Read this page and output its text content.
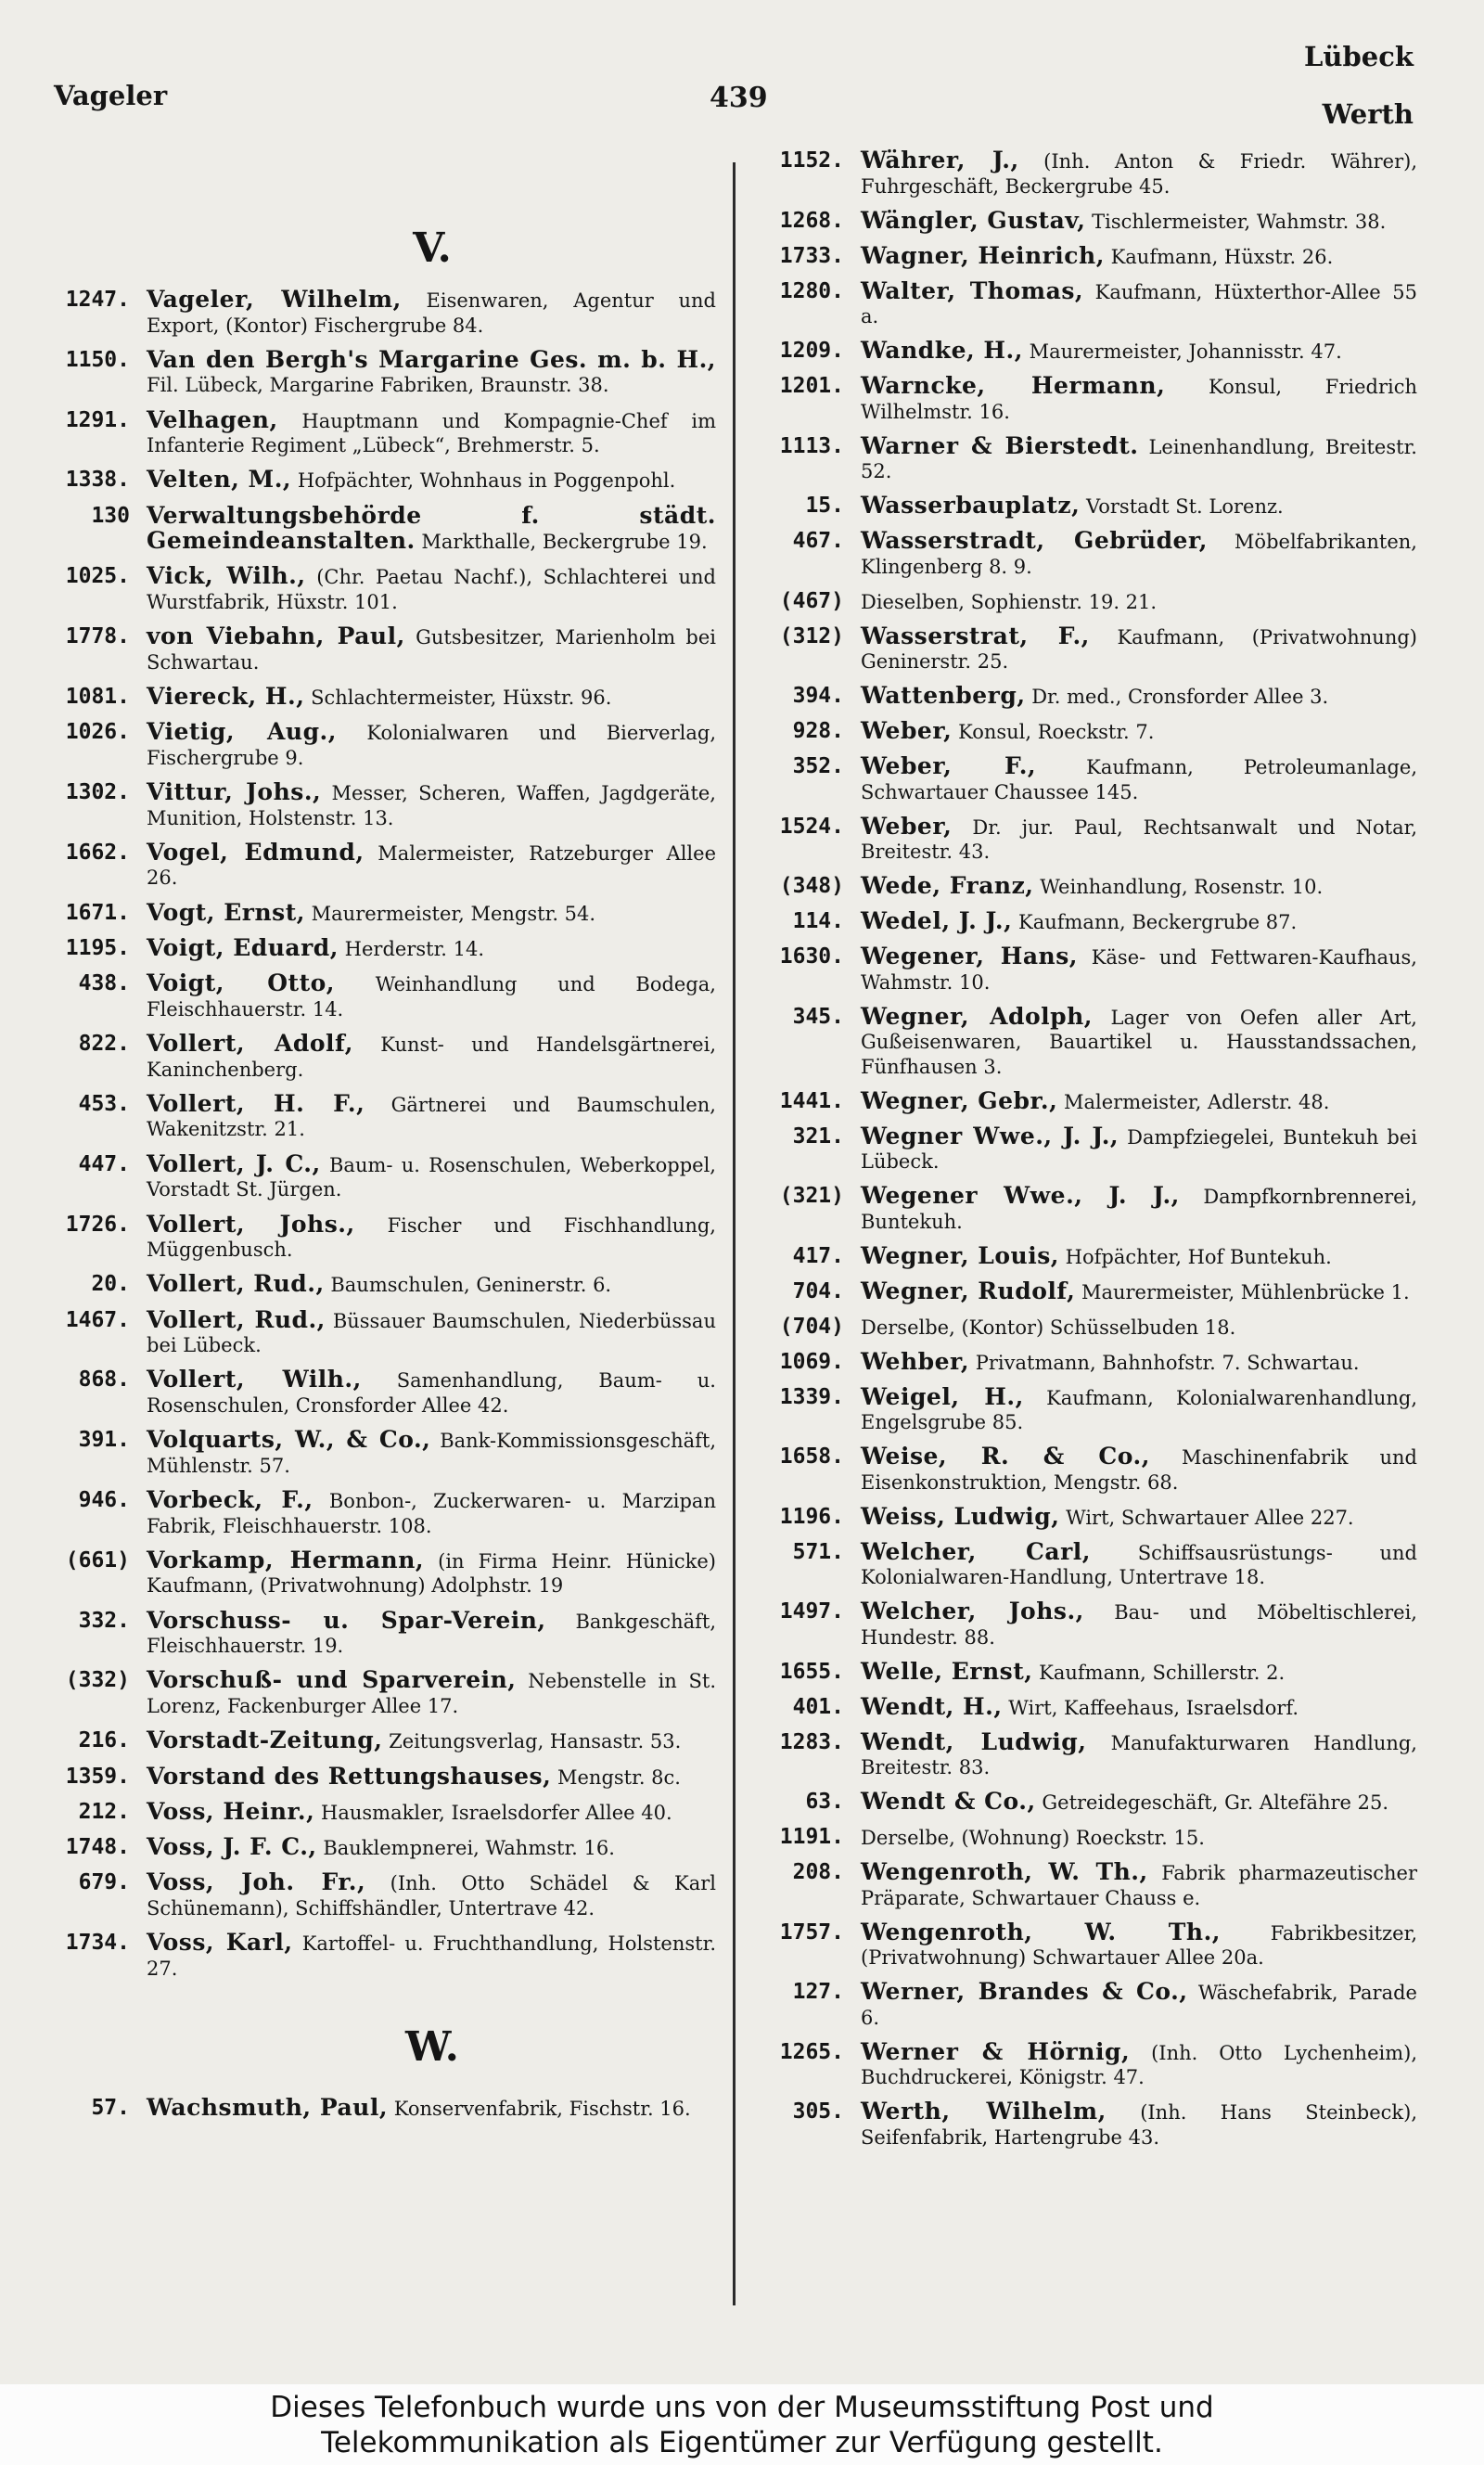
Vageler	439
Lübeck
Werth
V.
1247. Vageler, Wilhelm, Eisenwaren, Agentur und Export, (Kontor) Fischergrube 84.
1150. Van den Bergh's Margarine Ges. m. b. H., Fil. Lübeck, Margarine Fabriken, Braunstr. 38.
1291. Velhagen, Hauptmann und Kompagnie-Chef im Infanterie Regiment „Lübeck“, Brehmerstr. 5.
1338. Velten, M., Hofpächter, Wohnhaus in Poggenpohl.
130 Verwaltungsbehörde f. städt. Gemeindeanstalten. Markthalle, Beckergrube 19.
1025. Vick, Wilh., (Chr. Paetau Nachf.), Schlachterei und Wurstfabrik, Hüxstr. 101.
1778. von Viebahn, Paul, Gutsbesitzer, Marienholm bei Schwartau.
1081. Viereck, H., Schlachtermeister, Hüxstr. 96.
1026. Vietig, Aug., Kolonialwaren und Bierverlag, Fischergrube 9.
1302. Vittur, Johs., Messer, Scheren, Waffen, Jagdgeräte, Munition, Holstenstr. 13.
1662. Vogel, Edmund, Malermeister, Ratzeburger Allee 26.
1671. Vogt, Ernst, Maurermeister, Mengstr. 54.
1195. Voigt, Eduard, Herderstr. 14.
438. Voigt, Otto, Weinhandlung und Bodega, Fleischhauerstr. 14.
822. Vollert, Adolf, Kunst- und Handelsgärtnerei, Kaninchenberg.
453. Vollert, H. F., Gärtnerei und Baumschulen, Wakenitzstr. 21.
447. Vollert, J. C., Baum- u. Rosenschulen, Weberkoppel, Vorstadt St. Jürgen.
1726. Vollert, Johs., Fischer und Fischhandlung, Müggenbusch.
20. Vollert, Rud., Baumschulen, Geninerstr. 6.
1467. Vollert, Rud., Büssauer Baumschulen, Niederbüssau bei Lübeck.
868. Vollert, Wilh., Samenhandlung, Baum- u. Rosenschulen, Cronsforder Allee 42.
391. Volquarts, W., & Co., Bank-Kommissionsgeschäft, Mühlenstr. 57.
946. Vorbeck, F., Bonbon-, Zuckerwaren- u. Marzipan Fabrik, Fleischhauerstr. 108.
(661) Vorkamp, Hermann, (in Firma Heinr. Hünicke) Kaufmann, (Privatwohnung) Adolphstr. 19
332. Vorschuss- u. Spar-Verein, Bankgeschäft, Fleischhauerstr. 19.
(332) Vorschuß- und Sparverein, Nebenstelle in St. Lorenz, Fackenburger Allee 17.
216. Vorstadt-Zeitung, Zeitungsverlag, Hansastr. 53.
1359. Vorstand des Rettungshauses, Mengstr. 8c.
212. Voss, Heinr., Hausmakler, Israelsdorfer Allee 40.
1748. Voss, J. F. C., Bauklempnerei, Wahmstr. 16.
679. Voss, Joh. Fr., (Inh. Otto Schädel & Karl Schünemann), Schiffshändler, Untertrave 42.
1734. Voss, Karl, Kartoffel- u. Fruchthandlung, Holstenstr. 27.
W.
57. Wachsmuth, Paul, Konservenfabrik, Fischstr. 16.
1152. Währer, J., (Inh. Anton & Friedr. Währer), Fuhrgeschäft, Beckergrube 45.
1268. Wängler, Gustav, Tischlermeister, Wahmstr. 38.
1733. Wagner, Heinrich, Kaufmann, Hüxstr. 26.
1280. Walter, Thomas, Kaufmann, Hüxterthor-Allee 55 a.
1209. Wandke, H., Maurermeister, Johannisstr. 47.
1201. Warncke, Hermann, Konsul, Friedrich Wilhelmstr. 16.
1113. Warner & Bierstedt. Leinenhandlung, Breitestr. 52.
15. Wasserbauplatz, Vorstadt St. Lorenz.
467. Wasserstradt, Gebrüder, Möbelfabrikanten, Klingenberg 8. 9.
(467) Dieselben, Sophienstr. 19. 21.
(312) Wasserstrat, F., Kaufmann, (Privatwohnung) Geninerstr. 25.
394. Wattenberg, Dr. med., Cronsforder Allee 3.
928. Weber, Konsul, Roeckstr. 7.
352. Weber, F.,	Kaufmann, Petroleumanlage, Schwartauer Chaussee 145.
1524. Weber, Dr. jur. Paul, Rechtsanwalt und Notar, Breitestr. 43.
(348) Wede, Franz, Weinhandlung, Rosenstr. 10.
114. Wedel, J. J., Kaufmann, Beckergrube 87.
1630. Wegener, Hans, Käse- und Fettwaren-Kaufhaus, Wahmstr. 10.
345. Wegner, Adolph, Lager von Oefen aller Art, Gußeisenwaren, Bauartikel u. Hausstandssachen, Fünfhausen 3.
1441. Wegner, Gebr., Malermeister, Adlerstr. 48.
321. Wegner Wwe., J. J., Dampfziegelei, Buntekuh bei Lübeck.
(321) Wegener Wwe., J. J., Dampfkornbrennerei, Buntekuh.
417. Wegner, Louis, Hofpächter, Hof Buntekuh.
704. Wegner, Rudolf, Maurermeister, Mühlenbrücke 1.
(704) Derselbe, (Kontor) Schüsselbuden 18.
1069. Wehber, Privatmann, Bahnhofstr. 7. Schwartau.
1339. Weigel, H., Kaufmann, Kolonialwarenhandlung, Engelsgrube 85.
1658. Weise, R. & Co., Maschinenfabrik und Eisenkonstruktion, Mengstr. 68.
1196. Weiss, Ludwig, Wirt, Schwartauer Allee 227.
571. Welcher, Carl, Schiffsausrüstungs- und Kolonialwaren-Handlung, Untertrave 18.
1497. Welcher, Johs., Bau- und Möbeltischlerei, Hundestr. 88.
1655. Welle, Ernst, Kaufmann, Schillerstr. 2.
401. Wendt, H., Wirt, Kaffeehaus, Israelsdorf.
1283. Wendt, Ludwig, Manufakturwaren Handlung, Breitestr. 83.
63. Wendt & Co., Getreidegeschäft, Gr. Altefähre 25.
1191. Derselbe, (Wohnung) Roeckstr. 15.
208. Wengenroth, W. Th., Fabrik pharmazeutischer Präparate, Schwartauer Chauss e.
1757. Wengenroth, W. Th.,	Fabrikbesitzer, (Privatwohnung) Schwartauer Allee 20a.
127. Werner, Brandes & Co., Wäschefabrik, Parade 6.
1265. Werner & Hörnig, (Inh. Otto Lychenheim), Buchdruckerei, Königstr. 47.
305. Werth, Wilhelm, (Inh. Hans Steinbeck), Seifenfabrik, Hartengrube 43.
Dieses Telefonbuch wurde uns von der Museumsstiftung Post und
Telekommunikation als Eigentümer zur Verfügung gestellt.
